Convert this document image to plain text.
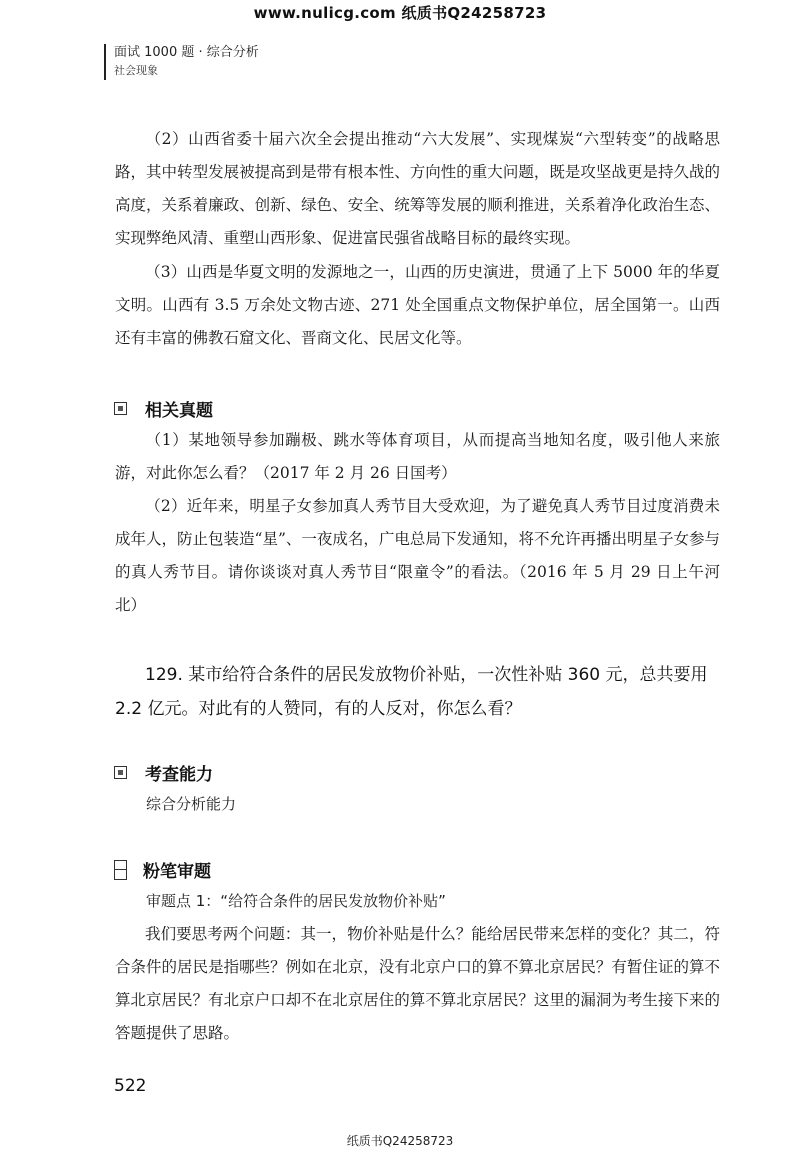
www.nulicg.com 纸质书Q24258723
面试 1000 题 · 综合分析
社会现象
（2）山西省委十届六次全会提出推动“六大发展”、实现煤炭“六型转变”的战略思路，其中转型发展被提高到是带有根本性、方向性的重大问题，既是攻坚战更是持久战的高度，关系着廉政、创新、绿色、安全、统筹等发展的顺利推进，关系着净化政治生态、实现弊绝风清、重塑山西形象、促进富民强省战略目标的最终实现。
（3）山西是华夏文明的发源地之一，山西的历史演进，贯通了上下 5000 年的华夏文明。山西有 3.5 万余处文物古迹、271 处全国重点文物保护单位，居全国第一。山西还有丰富的佛教石窟文化、晋商文化、民居文化等。
相关真题
（1）某地领导参加蹦极、跳水等体育项目，从而提高当地知名度，吸引他人来旅游，对此你怎么看？（2017 年 2 月 26 日国考）
（2）近年来，明星子女参加真人秀节目大受欢迎，为了避免真人秀节目过度消费未成年人，防止包装造“星”、一夜成名，广电总局下发通知，将不允许再播出明星子女参与的真人秀节目。请你谈谈对真人秀节目“限童令”的看法。（2016 年 5 月 29 日上午河北）
129. 某市给符合条件的居民发放物价补贴，一次性补贴 360 元，总共要用 2.2 亿元。对此有的人赞同，有的人反对，你怎么看？
考查能力
综合分析能力
粉笔审题
审题点 1：“给符合条件的居民发放物价补贴”
我们要思考两个问题：其一，物价补贴是什么？能给居民带来怎样的变化？其二，符合条件的居民是指哪些？例如在北京，没有北京户口的算不算北京居民？有暂住证的算不算北京居民？有北京户口却不在北京居住的算不算北京居民？这里的漏洞为考生接下来的答题提供了思路。
522
纸质书Q24258723
